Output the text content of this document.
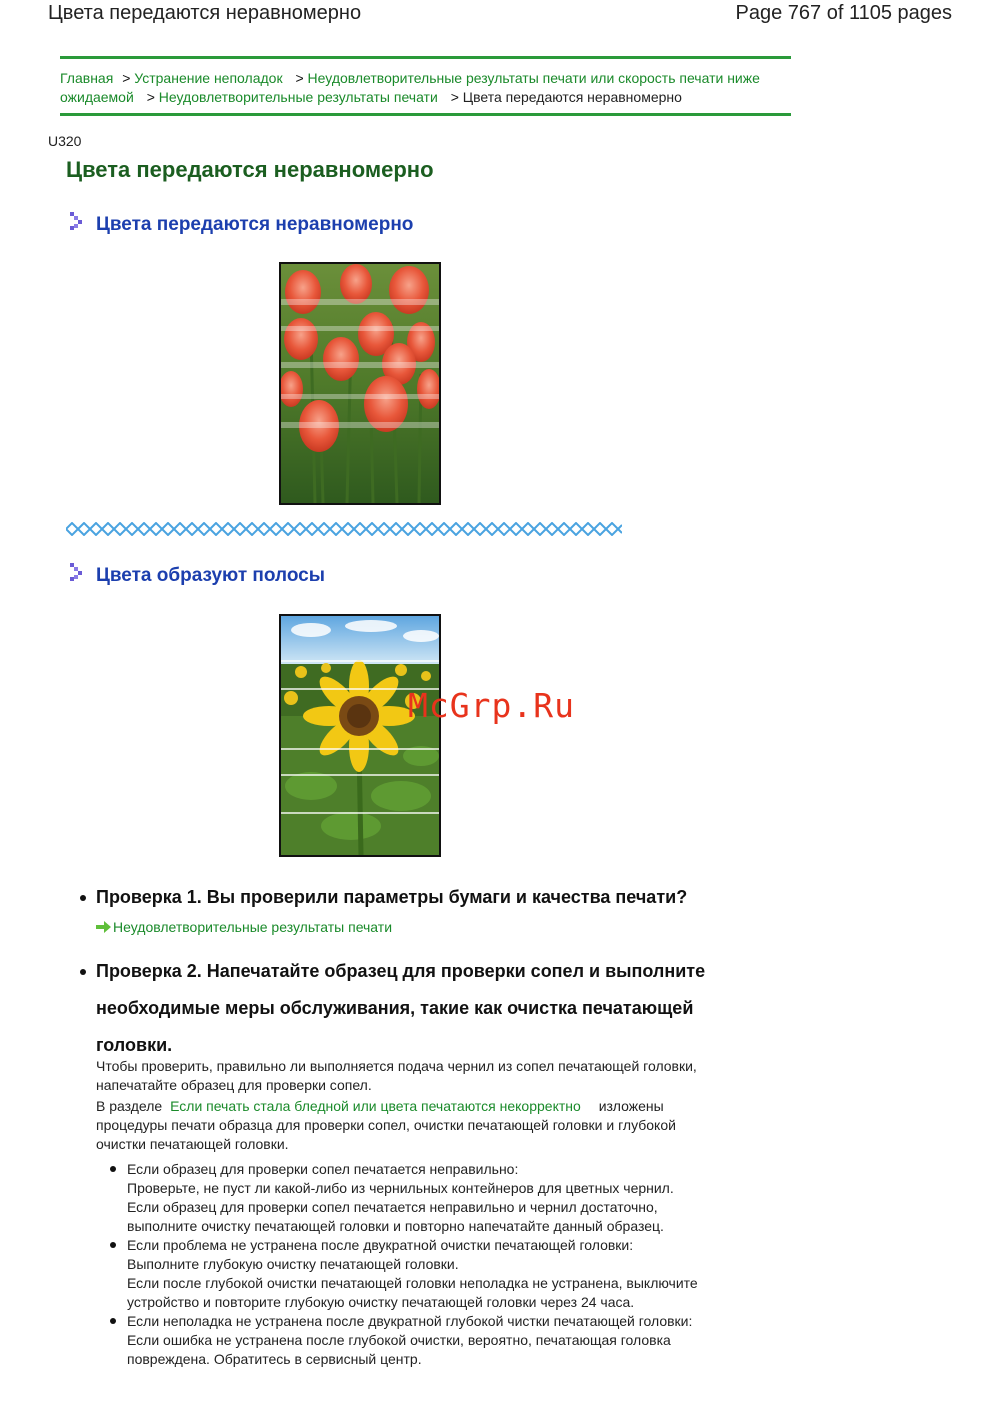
Цвета передаются неравномерно	Page 767 of 1105 pages
Главная > Устранение неполадок > Неудовлетворительные результаты печати или скорость печати ниже ожидаемой > Неудовлетворительные результаты печати > Цвета передаются неравномерно
U320
Цвета передаются неравномерно
Цвета передаются неравномерно
Цвета образуют полосы
McGrp.Ru
Проверка 1. Вы проверили параметры бумаги и качества печати?
Неудовлетворительные результаты печати
Проверка 2. Напечатайте образец для проверки сопел и выполните
необходимые меры обслуживания, такие как очистка печатающей
головки.
Чтобы проверить, правильно ли выполняется подача чернил из сопел печатающей головки,
напечатайте образец для проверки сопел.
В разделе Если печать стала бледной или цвета печатаются некорректно изложены
процедуры печати образца для проверки сопел, очистки печатающей головки и глубокой
очистки печатающей головки.
Если образец для проверки сопел печатается неправильно:
Проверьте, не пуст ли какой-либо из чернильных контейнеров для цветных чернил.
Если образец для проверки сопел печатается неправильно и чернил достаточно,
выполните очистку печатающей головки и повторно напечатайте данный образец.
Если проблема не устранена после двукратной очистки печатающей головки:
Выполните глубокую очистку печатающей головки.
Если после глубокой очистки печатающей головки неполадка не устранена, выключите
устройство и повторите глубокую очистку печатающей головки через 24 часа.
Если неполадка не устранена после двукратной глубокой чистки печатающей головки:
Если ошибка не устранена после глубокой очистки, вероятно, печатающая головка
повреждена. Обратитесь в сервисный центр.
